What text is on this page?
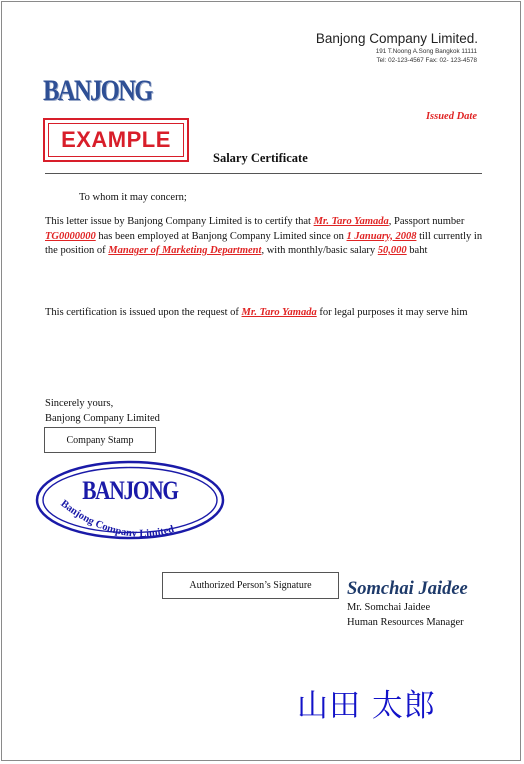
Banjong Company Limited.
191 T.Noong A.Song Bangkok 11111
Tel: 02-123-4567 Fax: 02- 123-4578
BANJONG
Issued Date
EXAMPLE
Salary Certificate
To whom it may concern;
This letter issue by Banjong Company Limited is to certify that Mr. Taro Yamada, Passport number TG0000000 has been employed at Banjong Company Limited since on 1 January, 2008 till currently in the position of Manager of Marketing Department, with monthly/basic salary 50,000 baht
This certification is issued upon the request of Mr. Taro Yamada for legal purposes it may serve him
Sincerely yours,
Banjong Company Limited
Company Stamp
BANJONG
Banjong Company Limited
Authorized Person’s Signature	Somchai Jaidee
Mr. Somchai Jaidee
Human Resources Manager
山田 太郎
